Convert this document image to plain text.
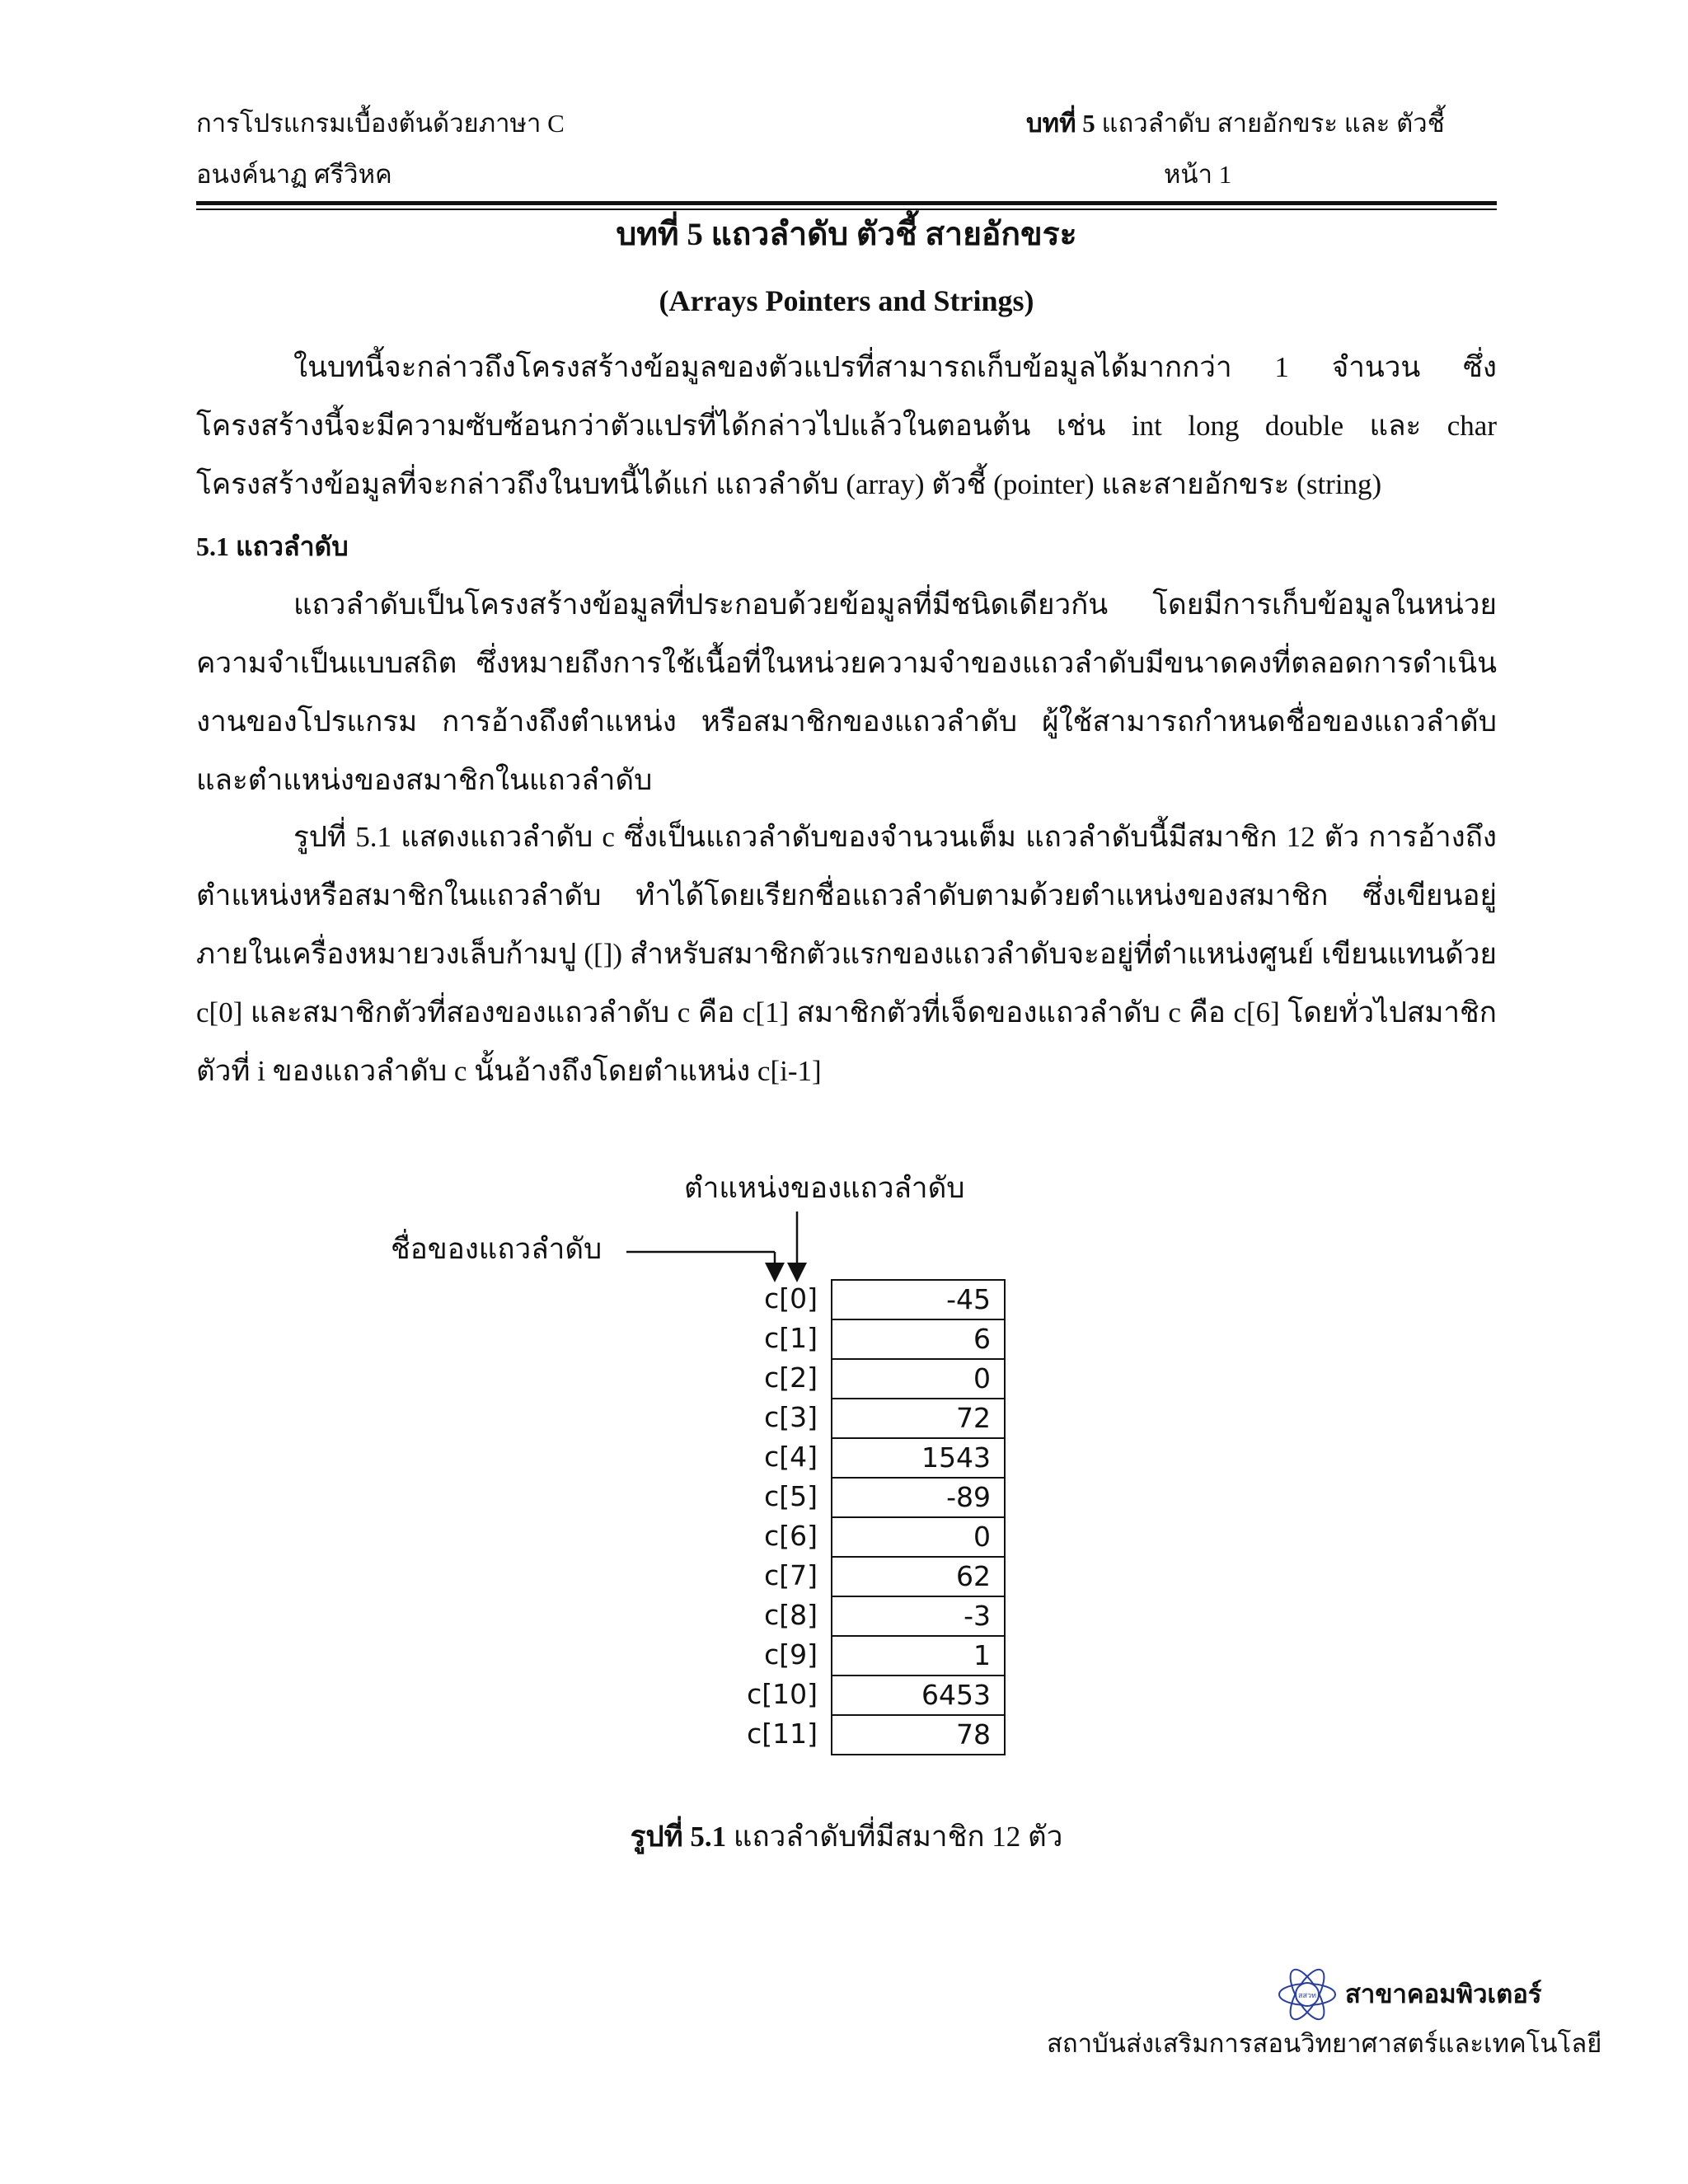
การโปรแกรมเบื้องต้นด้วยภาษา C	บทที่ 5 แถวลำดับ สายอักขระ และ ตัวชี้
อนงค์นาฏ ศรีวิหค	หน้า 1
บทที่ 5 แถวลำดับ ตัวชี้ สายอักขระ
(Arrays Pointers and Strings)
ในบทนี้จะกล่าวถึงโครงสร้างข้อมูลของตัวแปรที่สามารถเก็บข้อมูลได้มากกว่า 1 จำนวน ซึ่งโครงสร้างนี้จะมีความซับซ้อนกว่าตัวแปรที่ได้กล่าวไปแล้วในตอนต้น เช่น int long double และ char โครงสร้างข้อมูลที่จะกล่าวถึงในบทนี้ได้แก่ แถวลำดับ (array) ตัวชี้ (pointer) และสายอักขระ (string)
5.1 แถวลำดับ
แถวลำดับเป็นโครงสร้างข้อมูลที่ประกอบด้วยข้อมูลที่มีชนิดเดียวกัน โดยมีการเก็บข้อมูลในหน่วยความจำเป็นแบบสถิต ซึ่งหมายถึงการใช้เนื้อที่ในหน่วยความจำของแถวลำดับมีขนาดคงที่ตลอดการดำเนินงานของโปรแกรม การอ้างถึงตำแหน่ง หรือสมาชิกของแถวลำดับ ผู้ใช้สามารถกำหนดชื่อของแถวลำดับ และตำแหน่งของสมาชิกในแถวลำดับ
รูปที่ 5.1 แสดงแถวลำดับ c ซึ่งเป็นแถวลำดับของจำนวนเต็ม แถวลำดับนี้มีสมาชิก 12 ตัว การอ้างถึงตำแหน่งหรือสมาชิกในแถวลำดับ ทำได้โดยเรียกชื่อแถวลำดับตามด้วยตำแหน่งของสมาชิก ซึ่งเขียนอยู่ภายในเครื่องหมายวงเล็บก้ามปู ([]) สำหรับสมาชิกตัวแรกของแถวลำดับจะอยู่ที่ตำแหน่งศูนย์ เขียนแทนด้วย c[0] และสมาชิกตัวที่สองของแถวลำดับ c คือ c[1] สมาชิกตัวที่เจ็ดของแถวลำดับ c คือ c[6] โดยทั่วไปสมาชิกตัวที่ i ของแถวลำดับ c นั้นอ้างถึงโดยตำแหน่ง c[i-1]
ตำแหน่งของแถวลำดับ
ชื่อของแถวลำดับ
c[0]
c[1]
c[2]
c[3]
c[4]
c[5]
c[6]
c[7]
c[8]
c[9]
c[10]
c[11]
-45
6
0
72
1543
-89
0
62
-3
1
6453
78
รูปที่ 5.1 แถวลำดับที่มีสมาชิก 12 ตัว
สสวท สาขาคอมพิวเตอร์
สถาบันส่งเสริมการสอนวิทยาศาสตร์และเทคโนโลยี
